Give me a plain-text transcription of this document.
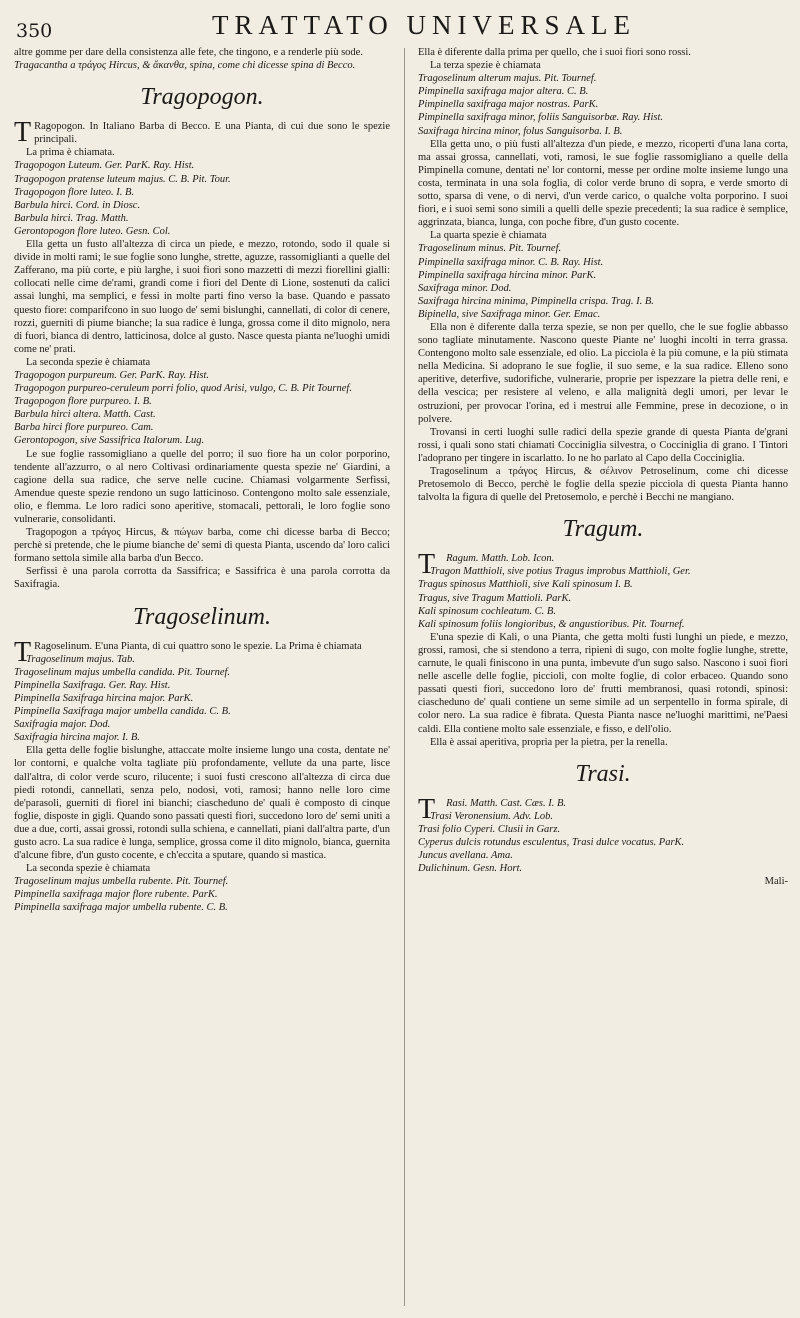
350	TRATTATO UNIVERSALE

altre gomme per dare della consistenza alle fete, che tingono, e a renderle più sode.

Tragacantha a τράγος Hircus, & ἄκανθα, spina, come chi dicesse spina di Becco.

Tragopogon.

T Ragopogon. In Italiano Barba di Becco. E una Pianta, di cui due sono le spezie principali.

La prima è chiamata.

Tragopogon Luteum. Ger. ParK. Ray. Hist.

Tragopogon pratense luteum majus. C. B. Pit. Tour.

Tragopogon flore luteo. I. B.

Barbula hirci. Cord. in Diosc.

Barbula hirci. Trag. Matth.

Gerontopogon flore luteo. Gesn. Col.

Ella getta un fusto all'altezza di circa un piede, e mezzo, rotondo, sodo il quale si divide in molti rami; le sue foglie sono lunghe, strette, aguzze, rassomiglianti a quelle del Zafferano, ma più corte, e più larghe, i suoi fiori sono mazzetti di mezzi fiorellini gialli: collocati nelle cime de'rami, grandi come i fiori del Dente di Lione, sostenuti da calici assai lunghi, ma semplici, e fessi in molte parti fino verso la base. Quando e passato questo fiore: comparifcono in suo luogo de' semi bislunghi, cannellati, di color di cenere, rozzi, guerniti di piume bianche; la sua radice è lunga, grossa come il dito mignolo, nera di fuori, bianca di dentro, latticinosa, dolce al gusto. Nasce questa pianta ne'luoghi umidi come ne' prati.

La seconda spezie è chiamata

Tragopogon purpureum. Ger. ParK. Ray. Hist.

Tragopogon purpureo-ceruleum porri folio, quod Arisi, vulgo, C. B. Pit Tournef.

Tragopogon flore purpureo. I. B.

Barbula hirci altera. Matth. Cast.

Barba hirci flore purpureo. Cam.

Gerontopogon, sive Sassifrica Italorum. Lug.

Le sue foglie rassomigliano a quelle del porro; il suo fiore ha un color porporino, tendente all'azzurro, o al nero Coltivasi ordinariamente questa spezie ne' Giardini, a cagione della sua radice, che serve nelle cucine. Chiamasi volgarmente Serfissi, Amendue queste spezie rendono un sugo latticinoso. Contengono molto sale essenziale, olio, e flemma. Le loro radici sono aperitive, stomacali, pettorali, le loro foglie sono vulnerarie, consolidanti.

Tragopogon a τράγος Hircus, & πώγων barba, come chi dicesse barba di Becco; perchè si pretende, che le piume bianche de' semi di questa Pianta, uscendo da' loro calici formano settola simile alla barba d'un Becco.

Serfissi è una parola corrotta da Sassifrica; e Sassifrica è una parola corrotta da Saxifragia.

Tragoselinum.

T Ragoselinum. E'una Pianta, di cui quattro sono le spezie. La Prima è chiamata

Tragoselinum majus. Tab.

Tragoselinum majus umbella candida. Pit. Tournef.

Pimpinella Saxifraga. Ger. Ray. Hist.

Pimpinella Saxifraga hircina major. ParK.

Pimpinella Saxifraga major umbella candida. C. B.

Saxifragia major. Dod.

Saxifragia hircina major. I. B.

Ella getta delle foglie bislunghe, attaccate molte insieme lungo una costa, dentate ne' lor contorni, e qualche volta tagliate più profondamente, vellute da una parte, lisce dall'altra, di color verde scuro, rilucente; i suoi fusti crescono all'altezza di circa due piedi rotondi, cannellati, senza pelo, nodosi, voti, ramosi; hanno nelle loro cime de'parasoli, guerniti di fiorel ini bianchi; ciascheduno de' quali è composto di cinque foglie, disposte in gigli. Quando sono passati questi fiori, succedono loro de' semi uniti a due a due, corti, assai grossi, rotondi sulla schiena, e cannellati, piani dall'altra parte, d'un gusto acro. La sua radice è lunga, semplice, grossa come il dito mignolo, bianca, guernita d'alcune fibre, d'un gusto cocente, e ch'eccita a sputare, quando si mastica.

La seconda spezie è chiamata

Tragoselinum majus umbella rubente. Pit. Tournef.

Pimpinella saxifraga major flore rubente. ParK.

Pimpinella saxifraga major umbella rubente. C. B.

Ella è diferente dalla prima per quello, che i suoi fiori sono rossi.

La terza spezie è chiamata

Tragoselinum alterum majus. Pit. Tournef.

Pimpinella saxifraga major altera. C. B.

Pimpinella saxifraga major nostras. ParK.

Pimpinella saxifraga minor, foliis Sanguisorbæ. Ray. Hist.

Saxifraga hircina minor, folus Sanguisorba. I. B.

Ella getta uno, o più fusti all'altezza d'un piede, e mezzo, ricoperti d'una lana corta, ma assai grossa, cannellati, voti, ramosi, le sue foglie rassomigliano a quelle della Pimpinella comune, dentati ne' lor contorni, messe per ordine molte insieme lungo una costa, terminata in una sola foglia, di color verde bruno di sopra, e verde smorto di sotto, sparsa di vene, o di nervi, d'un verde carico, o qualche volta porporino. I suoi fiori, e i suoi semi sono simili a quelli delle spezie precedenti; la sua radice è semplice, aggrinzata, bianca, lunga, con poche fibre, d'un gusto cocente.

La quarta spezie è chiamata

Tragoselinum minus. Pit. Tournef.

Pimpinella saxifraga minor. C. B. Ray. Hist.

Pimpinella saxifraga hircina minor. ParK.

Saxifraga minor. Dod.

Saxifraga hircina minima, Pimpinella crispa. Trag. I. B.

Bipinella, sive Saxifraga minor. Ger. Emac.

Ella non è diferente dalla terza spezie, se non per quello, che le sue foglie abbasso sono tagliate minutamente. Nascono queste Piante ne' luoghi incolti in terra grassa. Contengono molto sale essenziale, ed olio. La picciola è la più comune, e la più stimata nella Medicina. Si adoprano le sue foglie, il suo seme, e la sua radice. Elleno sono aperitive, deterfive, sudorifiche, vulnerarie, proprie per ispezzare la pietra delle reni, e della vescica; per resistere al veleno, e alla malignità degli umori, per levar le ostruzioni, per provocar l'orina, ed i mestrui alle Femmine, prese in decozione, o in polvere.

Trovansi in certi luoghi sulle radici della spezie grande di questa Pianta de'grani rossi, i quali sono stati chiamati Cocciniglia silvestra, o Cocciniglia di grano. I Tintori l'adoprano per tingere in iscarlatto. Io ne ho parlato al Capo della Cocciniglia.

Tragoselinum a τράγος Hircus, & σέλινον Petroselinum, come chi dicesse Pretosemolo di Becco, perchè le foglie della spezie picciola di questa Pianta hanno talvolta la figura di quelle del Pretosemolo, e perchè i Becchi ne mangiano.

Tragum.

T Ragum. Matth. Lob. Icon.

Tragon Matthioli, sive potius Tragus improbus Matthioli, Ger.

Tragus spinosus Matthioli, sive Kali spinosum I. B.

Tragus, sive Tragum Mattioli. ParK.

Kali spinosum cochleatum. C. B.

Kali spinosum foliis longioribus, & angustioribus. Pit. Tournef.

E'una spezie di Kali, o una Pianta, che getta molti fusti lunghi un piede, e mezzo, grossi, ramosi, che si stendono a terra, ripieni di sugo, con molte foglie lunghe, strette, carnute, le quali finiscono in una punta, imbevute d'un sugo salso. Nascono i suoi fiori nelle ascelle delle foglie, piccioli, con molte foglie, di color erbaceo. Quando sono passati questi fiori, succedono loro de' frutti membranosi, quasi rotondi, spinosi: ciascheduno de' quali contiene un seme simile ad un serpentello in forma spirale, di color nero. La sua radice è fibrata. Questa Pianta nasce ne'luoghi marittimi, ne'Paesi caldi. Ella contiene molto sale essenziale, e fisso, e dell'olio.

Ella è assai aperitiva, propria per la pietra, per la renella.

Trasi.

T Rasi. Matth. Cast. Cæs. I. B.

Trasi Veronensium. Adv. Lob.

Trasi folio Cyperi. Clusii in Garz.

Cyperus dulcis rotundus esculentus, Trasi dulce vocatus. ParK.

Juncus avellana. Ama.

Dulichinum. Gesn. Hort.

Mali-
